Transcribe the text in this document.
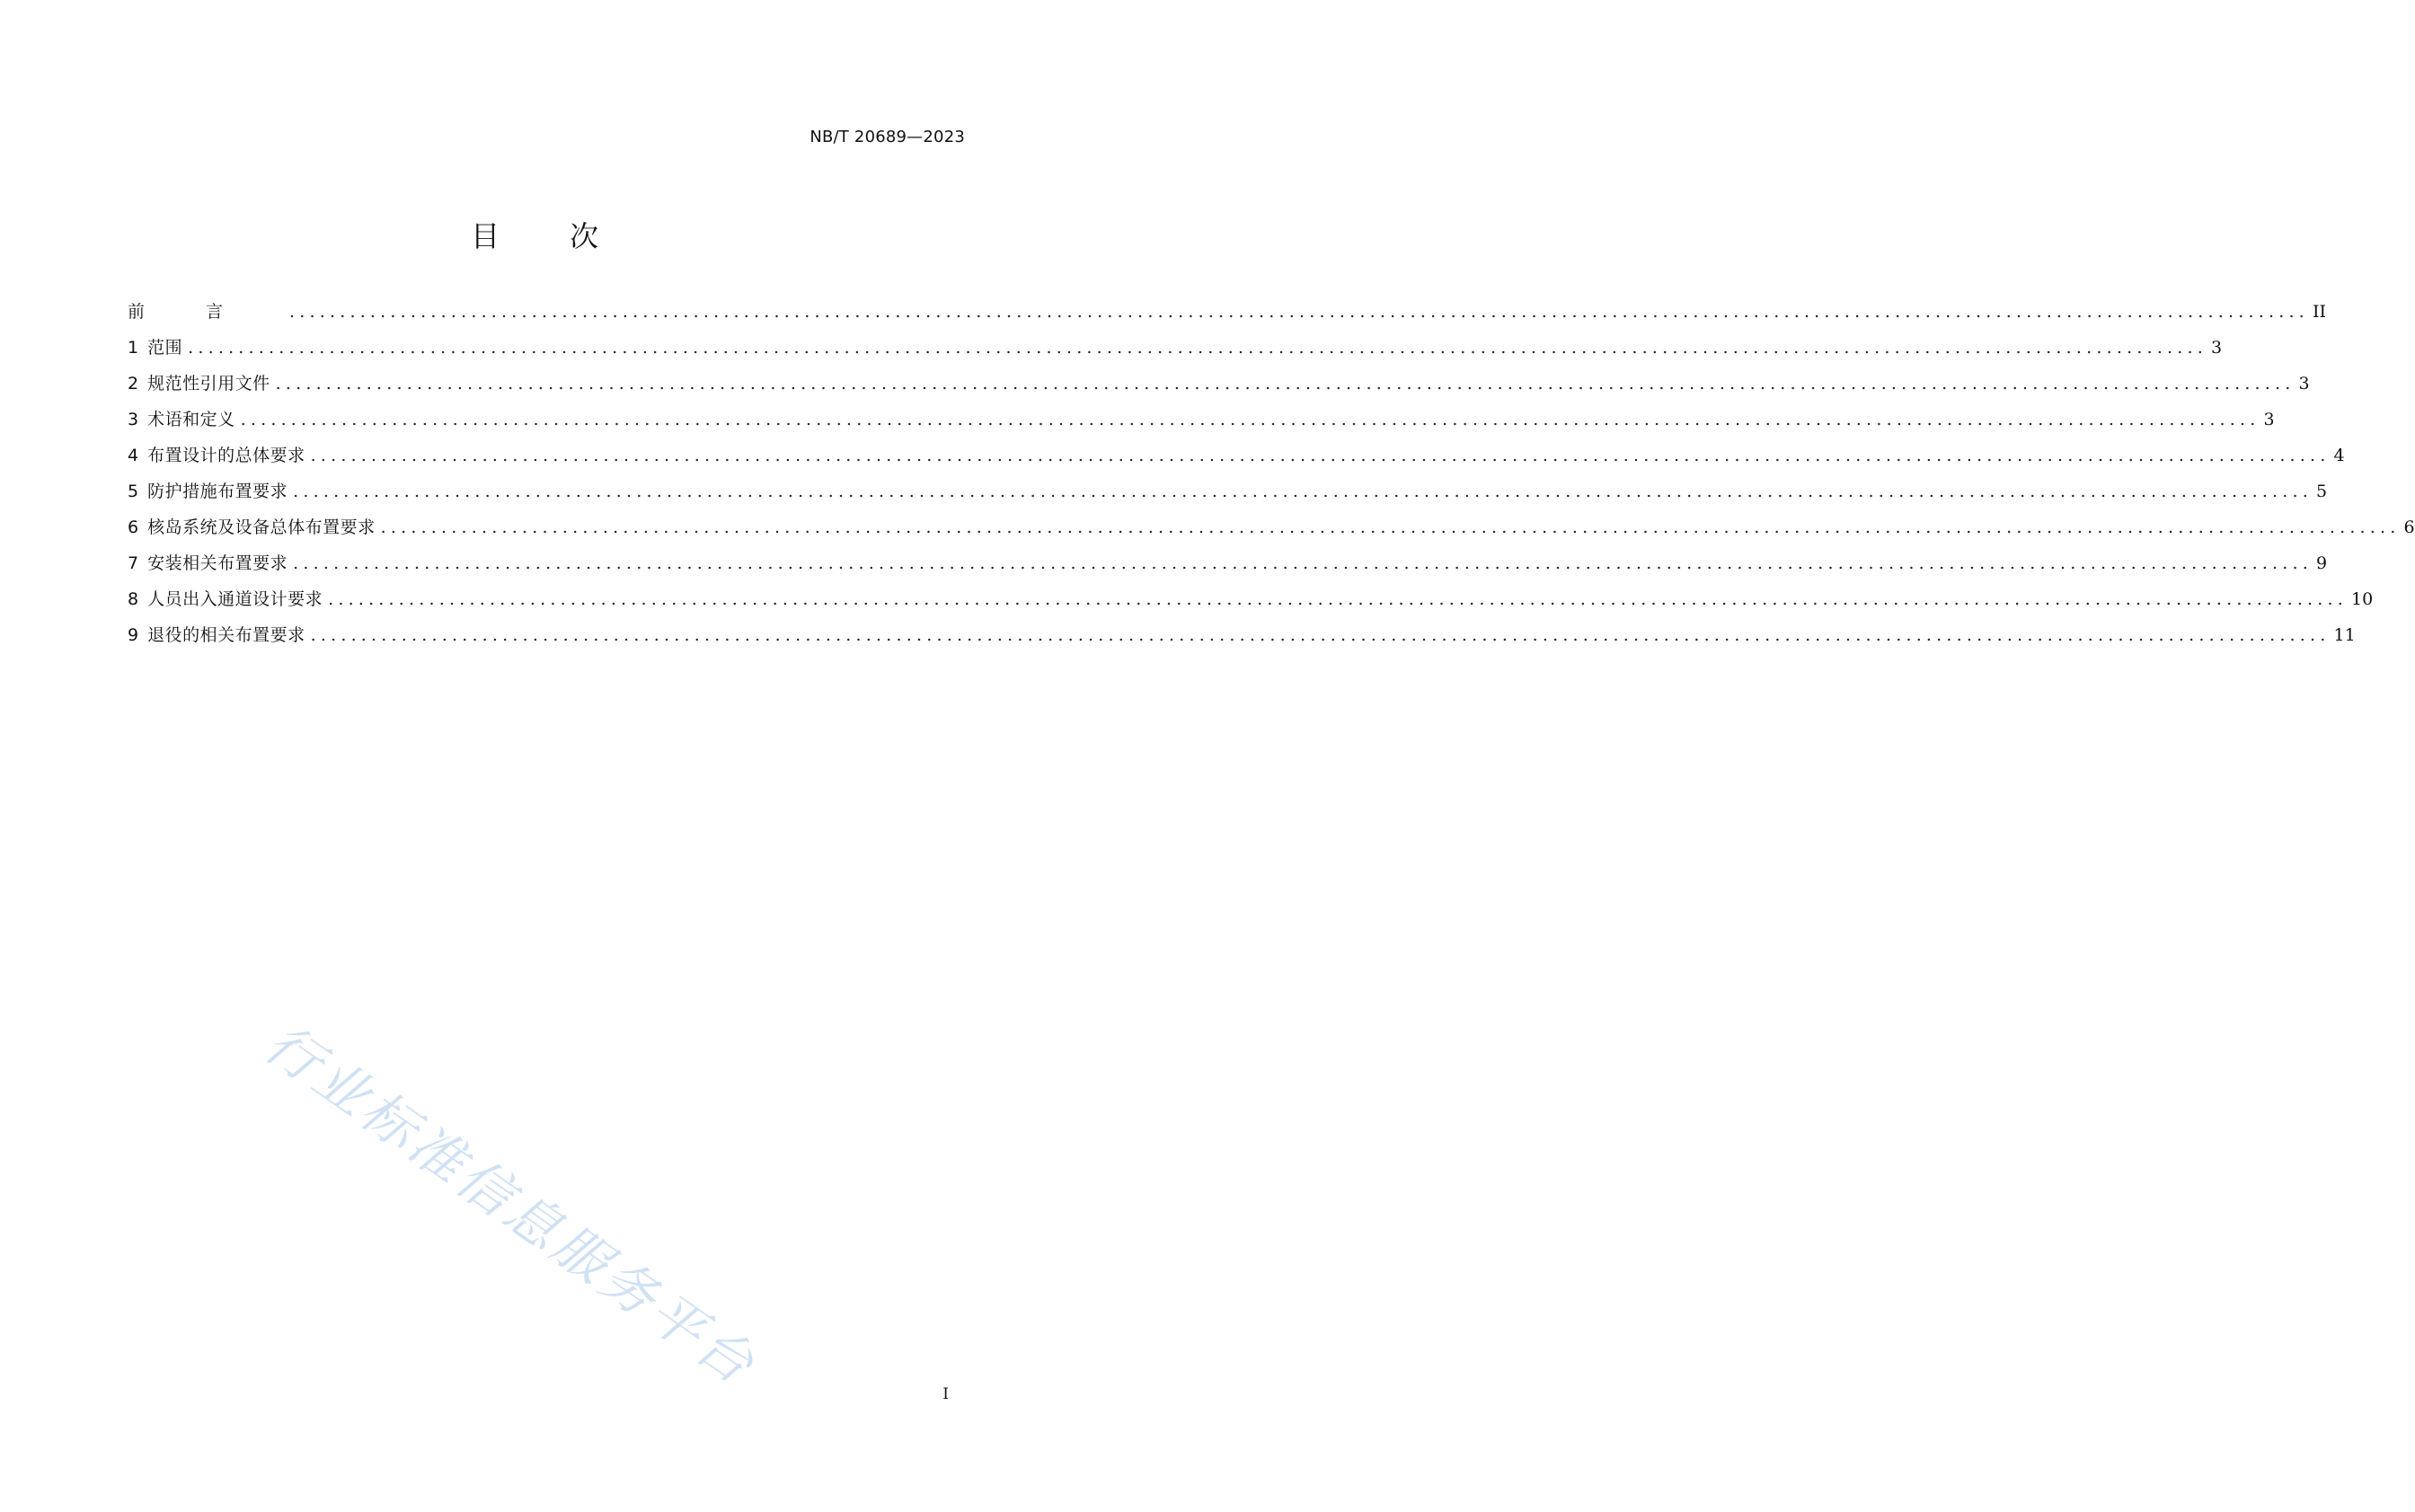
NB/T 20689—2023
目 次
前言 ........................................................................................................................................................................................................ II
1 范围 ........................................................................................................................................................................................................ 3
2 规范性引用文件 ........................................................................................................................................................................................................ 3
3 术语和定义 ........................................................................................................................................................................................................ 3
4 布置设计的总体要求 ........................................................................................................................................................................................................ 4
5 防护措施布置要求 ........................................................................................................................................................................................................ 5
6 核岛系统及设备总体布置要求 ........................................................................................................................................................................................................ 6
7 安装相关布置要求 ........................................................................................................................................................................................................ 9
8 人员出入通道设计要求 ........................................................................................................................................................................................................ 10
9 退役的相关布置要求 ........................................................................................................................................................................................................ 11
行业标准信息服务平台	I
